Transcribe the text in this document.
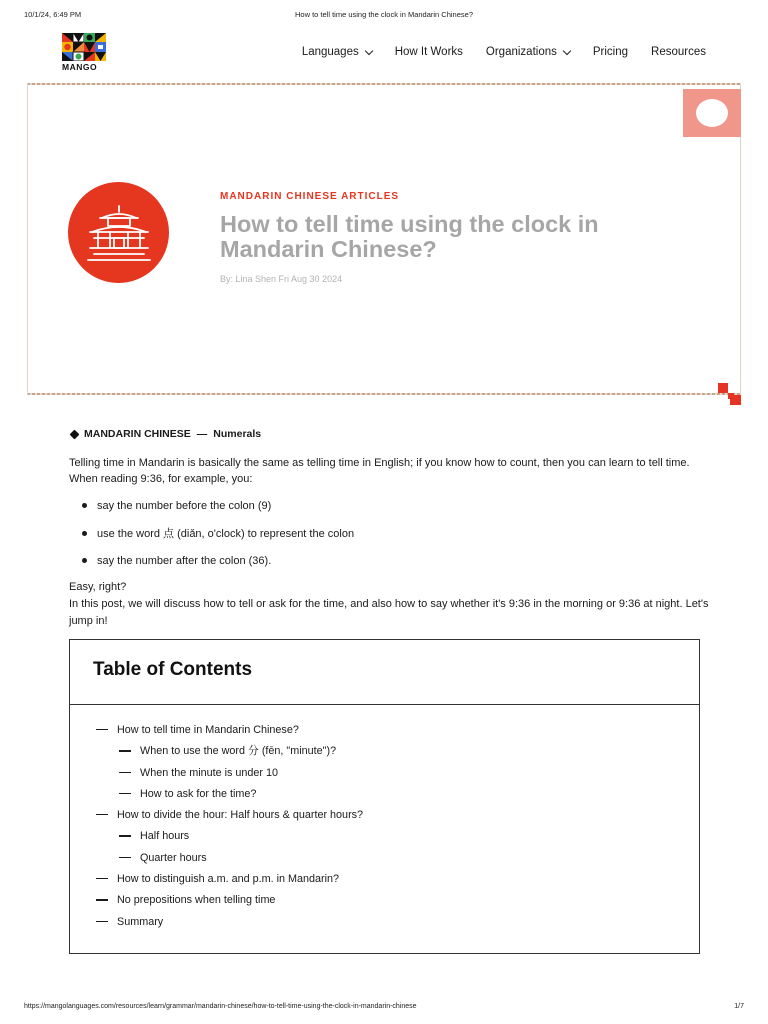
10/1/24, 6:49 PM	How to tell time using the clock in Mandarin Chinese?
MANGO
Languages	How It Works Organizations	Pricing Resources
MANDARIN CHINESE ARTICLES
How to tell time using the clock in Mandarin Chinese?
By: Lina Shen Fri Aug 30 2024
MANDARIN CHINESE — Numerals

Telling time in Mandarin is basically the same as telling time in English; if you know how to count, then you can learn to tell time. When reading 9:36, for example, you:

say the number before the colon (9)
use the word 点 (diǎn, o'clock) to represent the colon
say the number after the colon (36).

Easy, right?

In this post, we will discuss how to tell or ask for the time, and also how to say whether it's 9:36 in the morning or 9:36 at night. Let's jump in!

Table of Contents
How to tell time in Mandarin Chinese?
When to use the word 分 (fēn, "minute")?
When the minute is under 10
How to ask for the time?
How to divide the hour: Half hours & quarter hours?
Half hours
Quarter hours
How to distinguish a.m. and p.m. in Mandarin?
No prepositions when telling time
Summary
https://mangolanguages.com/resources/learn/grammar/mandarin-chinese/how-to-tell-time-using-the-clock-in-mandarin-chinese	1/7
